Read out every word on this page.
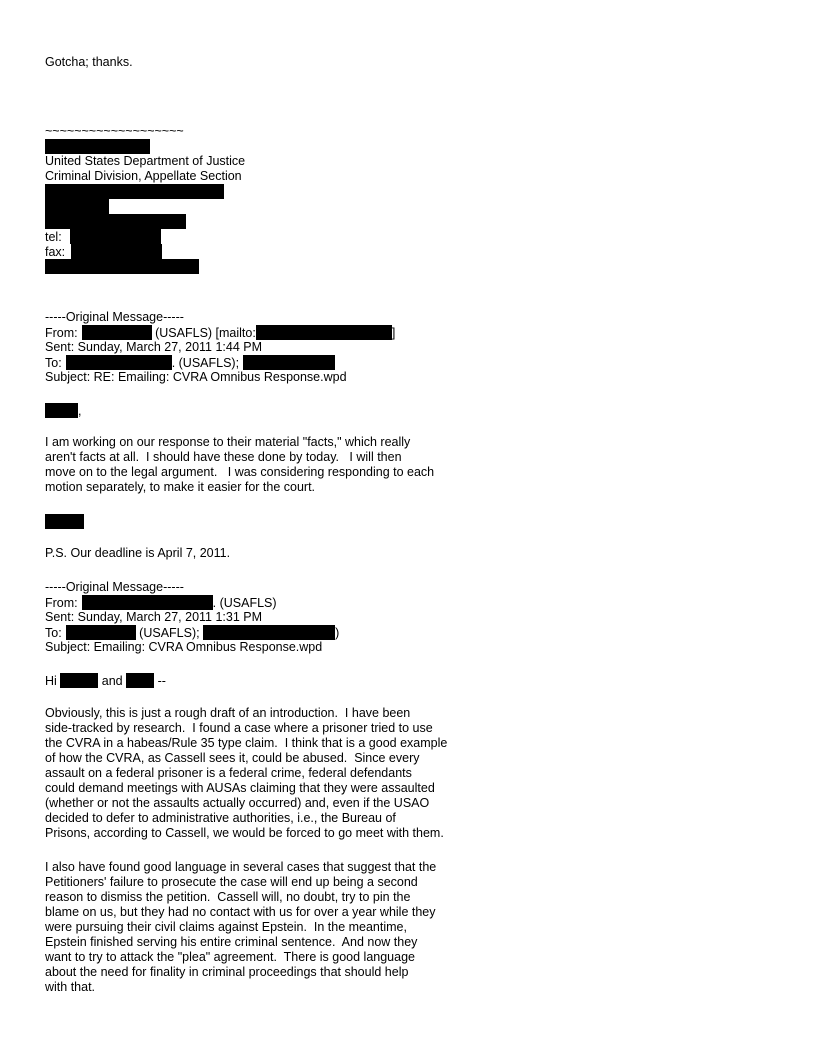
Gotcha; thanks.
~~~~~~~~~~~~~~~~~~~
United States Department of Justice
Criminal Division, Appellate Section
tel:
fax:
-----Original Message-----
From:	(USAFLS) [mailto:	]
Sent: Sunday, March 27, 2011 1:44 PM
To:	. (USAFLS);
Subject: RE: Emailing: CVRA Omnibus Response.wpd
,
I am working on our response to their material "facts," which really
aren't facts at all.  I should have these done by today.   I will then
move on to the legal argument.   I was considering responding to each
motion separately, to make it easier for the court.
P.S. Our deadline is April 7, 2011.
-----Original Message-----
From:	. (USAFLS)
Sent: Sunday, March 27, 2011 1:31 PM
To:	(USAFLS);	)
Subject: Emailing: CVRA Omnibus Response.wpd
Hi	and  --
Obviously, this is just a rough draft of an introduction.  I have been
side-tracked by research.  I found a case where a prisoner tried to use
the CVRA in a habeas/Rule 35 type claim.  I think that is a good example
of how the CVRA, as Cassell sees it, could be abused.  Since every
assault on a federal prisoner is a federal crime, federal defendants
could demand meetings with AUSAs claiming that they were assaulted
(whether or not the assaults actually occurred) and, even if the USAO
decided to defer to administrative authorities, i.e., the Bureau of
Prisons, according to Cassell, we would be forced to go meet with them.
I also have found good language in several cases that suggest that the
Petitioners' failure to prosecute the case will end up being a second
reason to dismiss the petition.  Cassell will, no doubt, try to pin the
blame on us, but they had no contact with us for over a year while they
were pursuing their civil claims against Epstein.  In the meantime,
Epstein finished serving his entire criminal sentence.  And now they
want to try to attack the "plea" agreement.  There is good language
about the need for finality in criminal proceedings that should help
with that.
